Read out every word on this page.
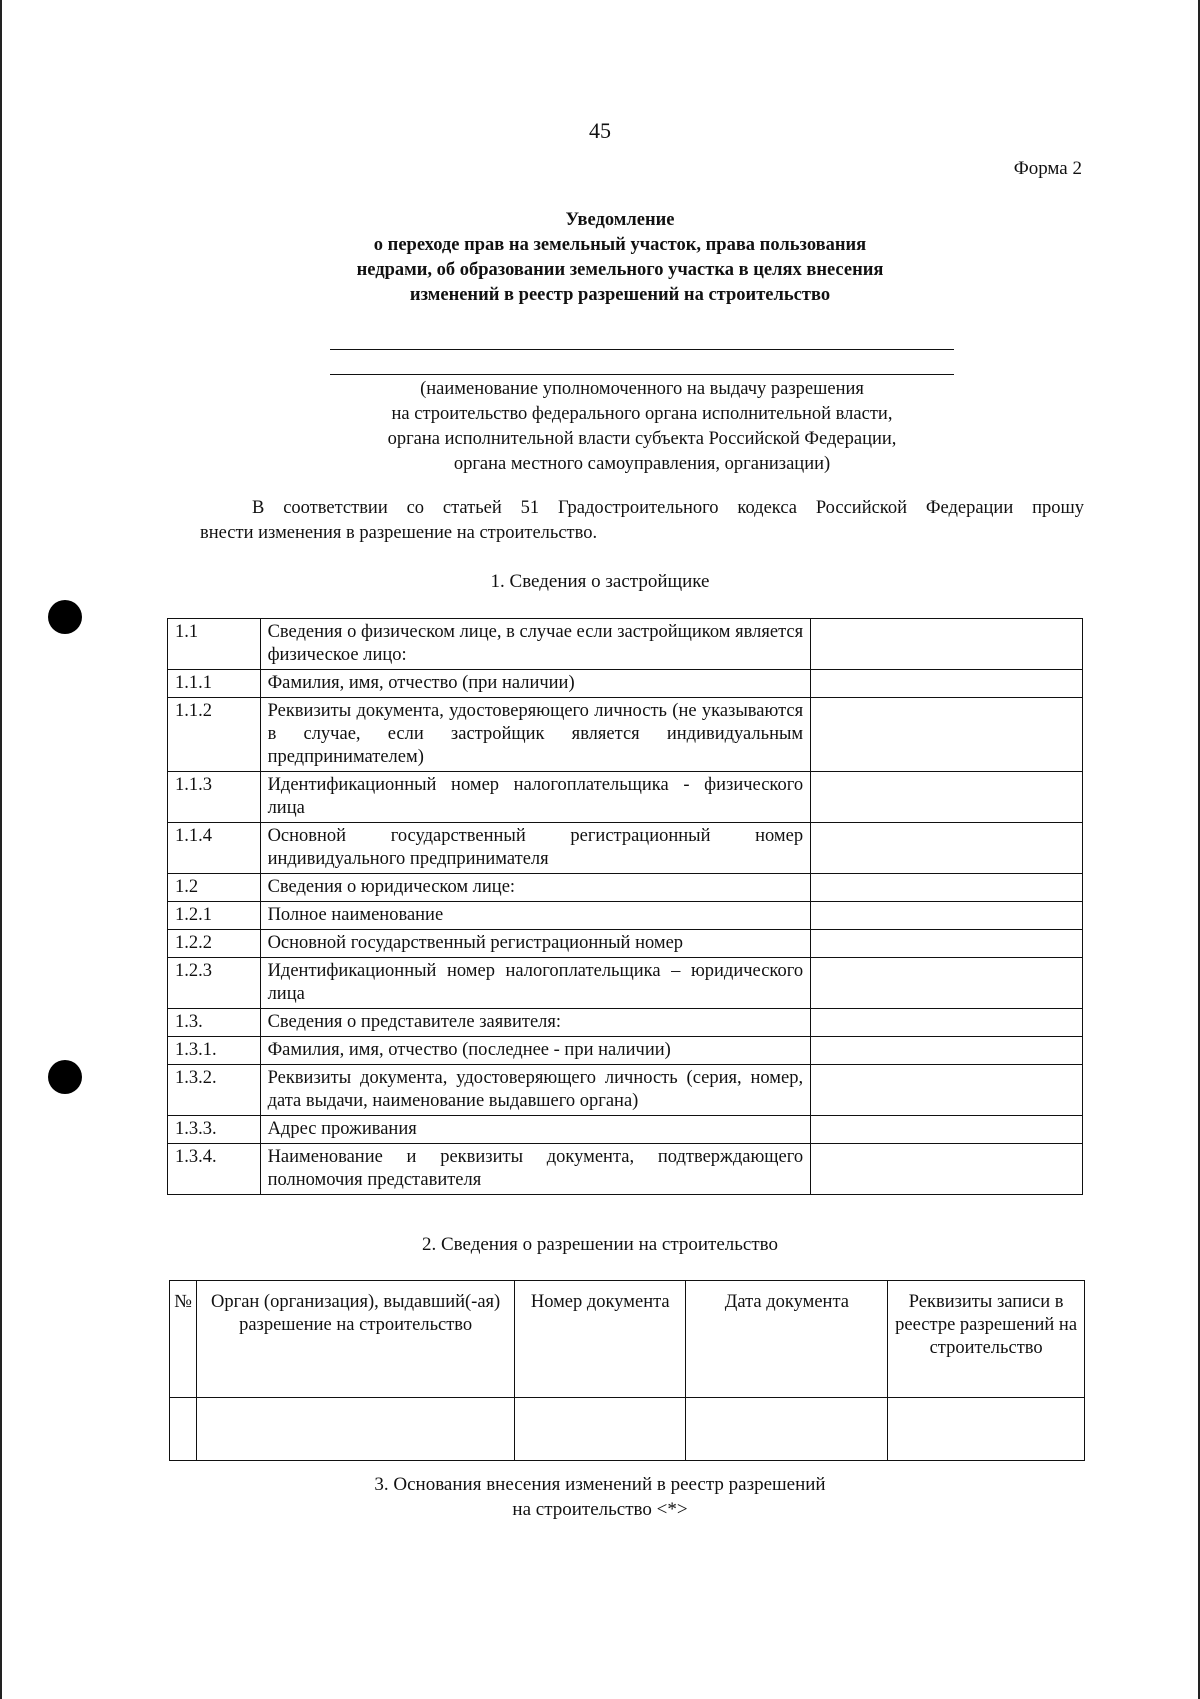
45
Форма 2
Уведомление
о переходе прав на земельный участок, права пользования
недрами, об образовании земельного участка в целях внесения
изменений в реестр разрешений на строительство
(наименование уполномоченного на выдачу разрешения
на строительство федерального органа исполнительной власти,
органа исполнительной власти субъекта Российской Федерации,
органа местного самоуправления, организации)
В соответствии со статьей 51 Градостроительного кодекса Российской Федерации прошу
внести изменения в разрешение на строительство.
1. Сведения о застройщике
1.1	Сведения о физическом лице, в случае если застройщиком является физическое лицо:	
1.1.1	Фамилия, имя, отчество (при наличии)	
1.1.2	Реквизиты документа, удостоверяющего личность (не указываются в случае, если застройщик является индивидуальным предпринимателем)	
1.1.3	Идентификационный номер налогоплательщика - физического лица	
1.1.4	Основной государственный регистрационный номер индивидуального предпринимателя	
1.2	Сведения о юридическом лице:	
1.2.1	Полное наименование	
1.2.2	Основной государственный регистрационный номер	
1.2.3	Идентификационный номер налогоплательщика – юридического лица	
1.3.	Сведения о представителе заявителя:	
1.3.1.	Фамилия, имя, отчество (последнее - при наличии)	
1.3.2.	Реквизиты документа, удостоверяющего личность (серия, номер, дата выдачи, наименование выдавшего органа)	
1.3.3.	Адрес проживания	
1.3.4.	Наименование и реквизиты документа, подтверждающего полномочия представителя	
2. Сведения о разрешении на строительство
№	Орган (организация), выдавший(-ая) разрешение на строительство	Номер документа	Дата документа	Реквизиты записи в реестре разрешений на строительство

3. Основания внесения изменений в реестр разрешений
на строительство <*>
